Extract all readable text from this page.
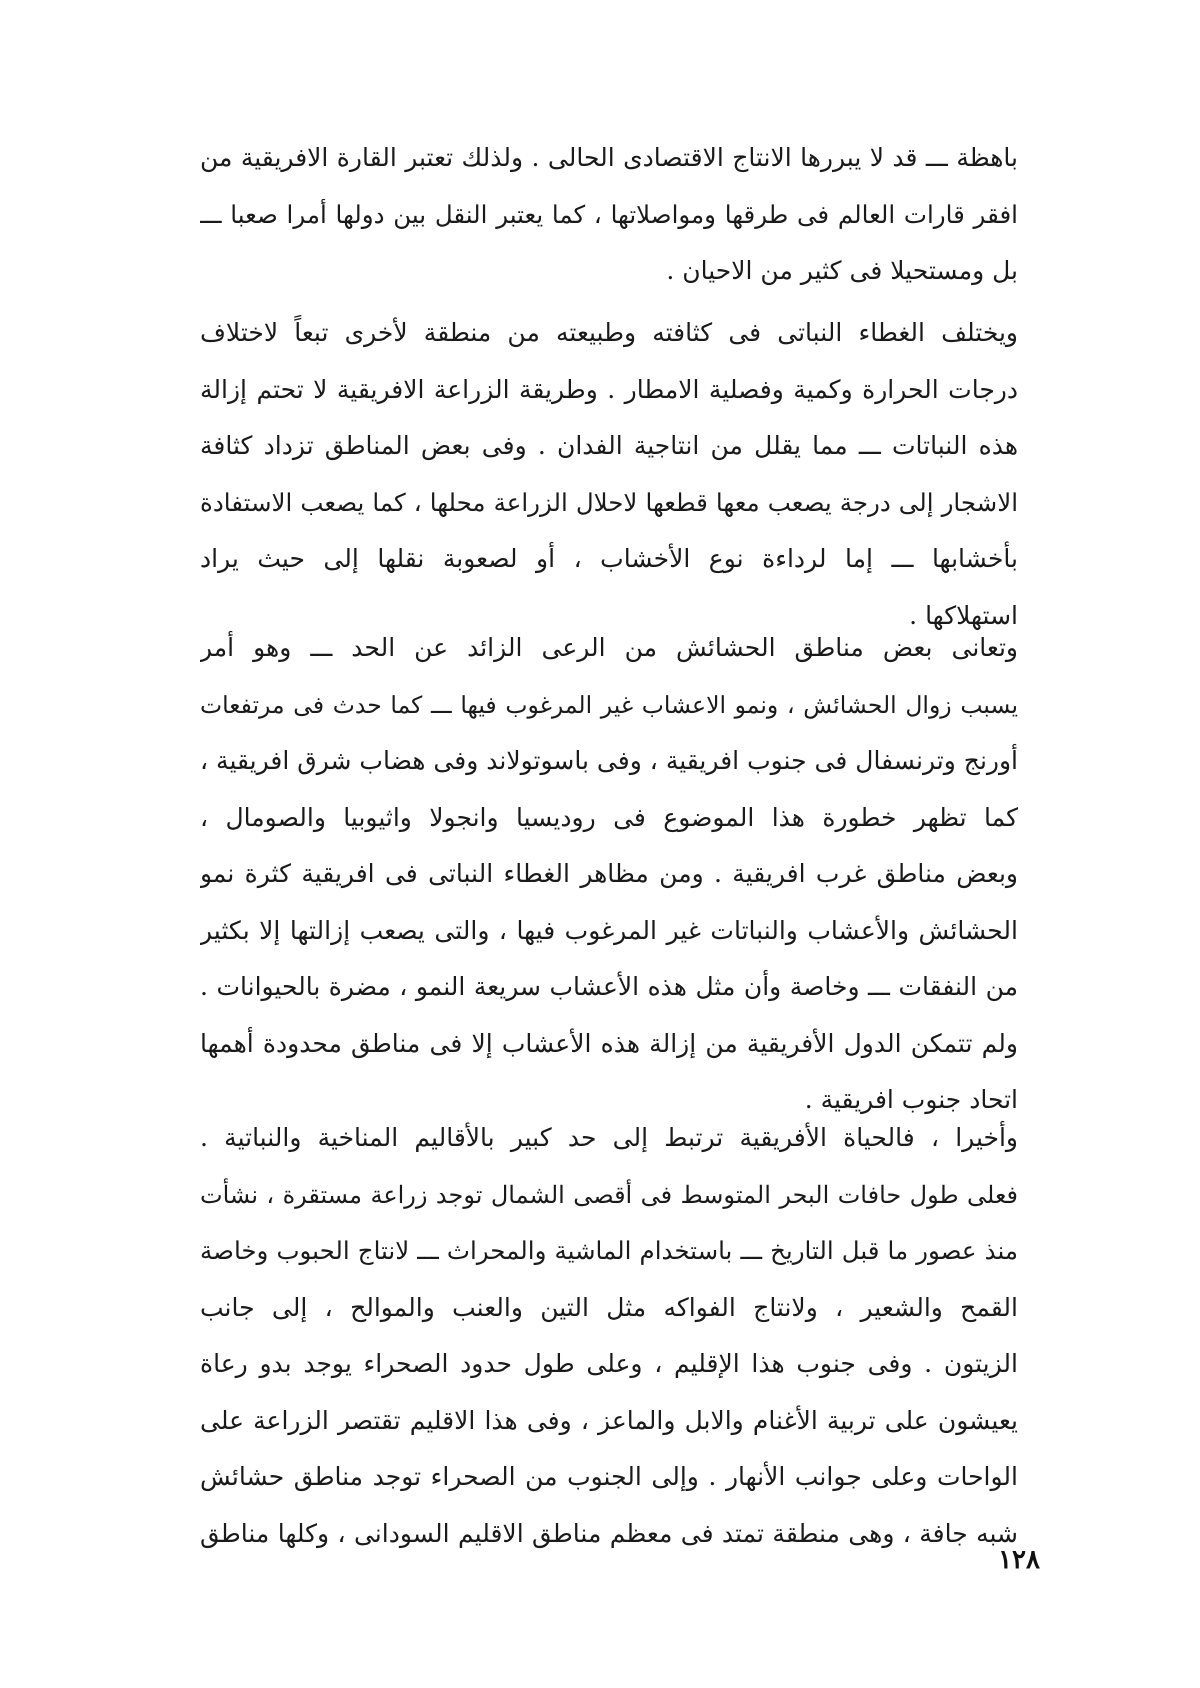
باهظة ـــ قد لا يبررها الانتاج الاقتصادى الحالى . ولذلك تعتبر القارة الافريقية من
افقر قارات العالم فى طرقها ومواصلاتها ، كما يعتبر النقل بين دولها أمرا صعبا ـــ
بل ومستحيلا فى كثير من الاحيان .
ويختلف الغطاء النباتى فى كثافته وطبيعته من منطقة لأخرى تبعاً لاختلاف
درجات الحرارة وكمية وفصلية الامطار . وطريقة الزراعة الافريقية لا تحتم إزالة
هذه النباتات ـــ مما يقلل من انتاجية الفدان . وفى بعض المناطق تزداد كثافة
الاشجار إلى درجة يصعب معها قطعها لاحلال الزراعة محلها ، كما يصعب الاستفادة
بأخشابها ـــ إما لرداءة نوع الأخشاب ، أو لصعوبة نقلها إلى حيث يراد
استهلاكها .
وتعانى بعض مناطق الحشائش من الرعى الزائد عن الحد ـــ وهو أمر
يسبب زوال الحشائش ، ونمو الاعشاب غير المرغوب فيها ـــ كما حدث فى مرتفعات
أورنج وترنسفال فى جنوب افريقية ، وفى باسوتولاند وفى هضاب شرق افريقية ،
كما تظهر خطورة هذا الموضوع فى روديسيا وانجولا واثيوبيا والصومال ،
وبعض مناطق غرب افريقية . ومن مظاهر الغطاء النباتى فى افريقية كثرة نمو
الحشائش والأعشاب والنباتات غير المرغوب فيها ، والتى يصعب إزالتها إلا بكثير
من النفقات ـــ وخاصة وأن مثل هذه الأعشاب سريعة النمو ، مضرة بالحيوانات .
ولم تتمكن الدول الأفريقية من إزالة هذه الأعشاب إلا فى مناطق محدودة أهمها
اتحاد جنوب افريقية .
وأخيرا ، فالحياة الأفريقية ترتبط إلى حد كبير بالأقاليم المناخية والنباتية .
فعلى طول حافات البحر المتوسط فى أقصى الشمال توجد زراعة مستقرة ، نشأت
منذ عصور ما قبل التاريخ ـــ باستخدام الماشية والمحراث ـــ لانتاج الحبوب وخاصة
القمح والشعير ، ولانتاج الفواكه مثل التين والعنب والموالح ، إلى جانب
الزيتون . وفى جنوب هذا الإقليم ، وعلى طول حدود الصحراء يوجد بدو رعاة
يعيشون على تربية الأغنام والابل والماعز ، وفى هذا الاقليم تقتصر الزراعة على
الواحات وعلى جوانب الأنهار . وإلى الجنوب من الصحراء توجد مناطق حشائش
شبه جافة ، وهى منطقة تمتد فى معظم مناطق الاقليم السودانى ، وكلها مناطق
١٢٨
